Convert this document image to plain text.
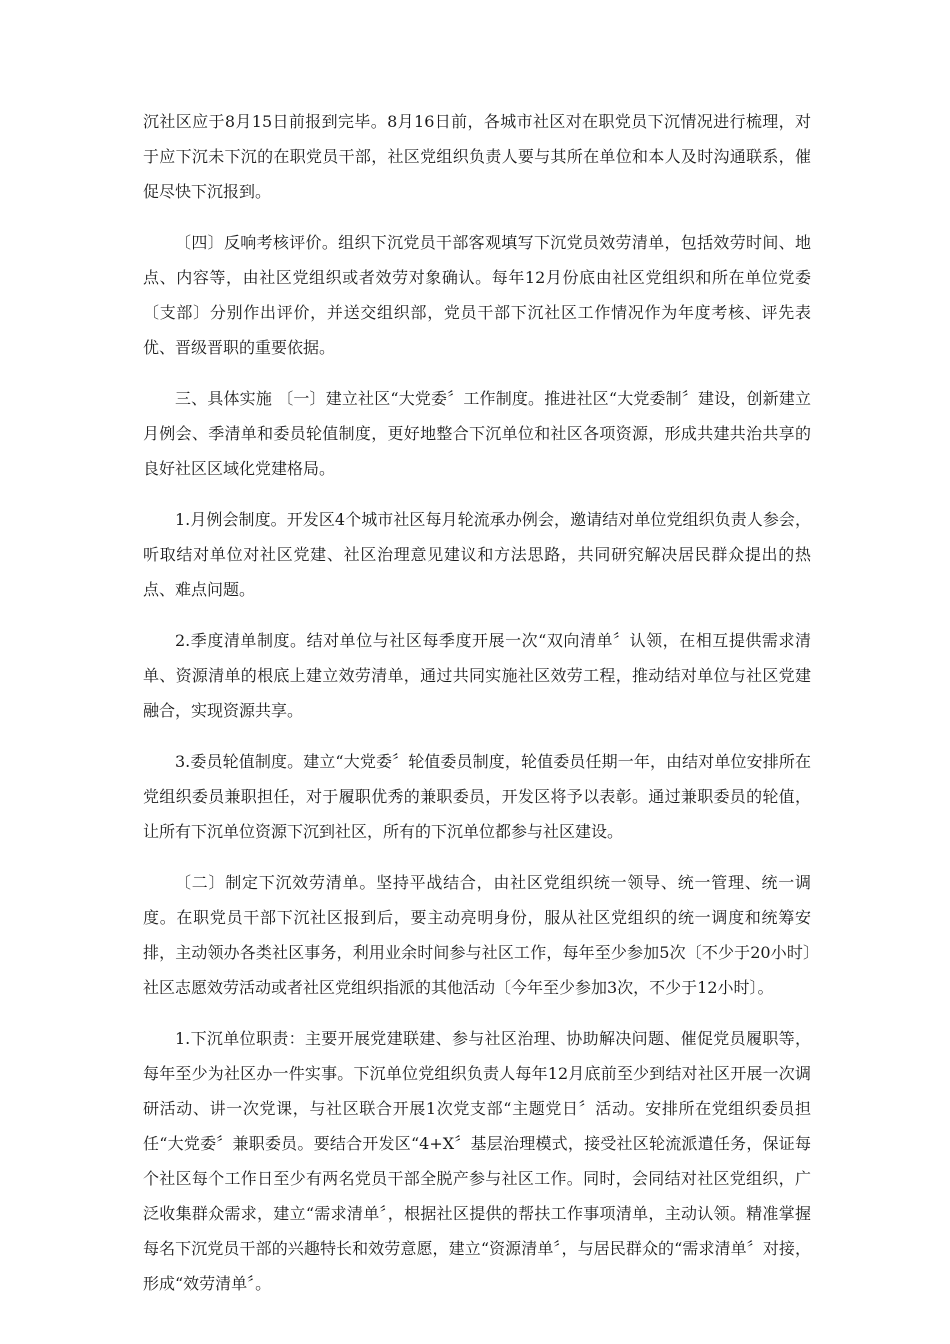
沉社区应于8月15日前报到完毕。8月16日前，各城市社区对在职党员下沉情况进行梳理，对于应下沉未下沉的在职党员干部，社区党组织负责人要与其所在单位和本人及时沟通联系，催促尽快下沉报到。

〔四〕反响考核评价。组织下沉党员干部客观填写下沉党员效劳清单，包括效劳时间、地点、内容等，由社区党组织或者效劳对象确认。每年12月份底由社区党组织和所在单位党委〔支部〕分别作出评价，并送交组织部，党员干部下沉社区工作情况作为年度考核、评先表优、晋级晋职的重要依据。

三、具体实施 〔一〕建立社区“大党委〞工作制度。推进社区“大党委制〞建设，创新建立月例会、季清单和委员轮值制度，更好地整合下沉单位和社区各项资源，形成共建共治共享的良好社区区域化党建格局。

1.月例会制度。开发区4个城市社区每月轮流承办例会，邀请结对单位党组织负责人参会，听取结对单位对社区党建、社区治理意见建议和方法思路，共同研究解决居民群众提出的热点、难点问题。

2.季度清单制度。结对单位与社区每季度开展一次“双向清单〞认领，在相互提供需求清单、资源清单的根底上建立效劳清单，通过共同实施社区效劳工程，推动结对单位与社区党建融合，实现资源共享。

3.委员轮值制度。建立“大党委〞轮值委员制度，轮值委员任期一年，由结对单位安排所在党组织委员兼职担任，对于履职优秀的兼职委员，开发区将予以表彰。通过兼职委员的轮值，让所有下沉单位资源下沉到社区，所有的下沉单位都参与社区建设。

〔二〕制定下沉效劳清单。坚持平战结合，由社区党组织统一领导、统一管理、统一调度。在职党员干部下沉社区报到后，要主动亮明身份，服从社区党组织的统一调度和统筹安排，主动领办各类社区事务，利用业余时间参与社区工作，每年至少参加5次〔不少于20小时〕社区志愿效劳活动或者社区党组织指派的其他活动〔今年至少参加3次，不少于12小时〕。

1.下沉单位职责：主要开展党建联建、参与社区治理、协助解决问题、催促党员履职等，每年至少为社区办一件实事。下沉单位党组织负责人每年12月底前至少到结对社区开展一次调研活动、讲一次党课，与社区联合开展1次党支部“主题党日〞活动。安排所在党组织委员担任“大党委〞兼职委员。要结合开发区“4+X〞基层治理模式，接受社区轮流派遣任务，保证每个社区每个工作日至少有两名党员干部全脱产参与社区工作。同时，会同结对社区党组织，广泛收集群众需求，建立“需求清单〞，根据社区提供的帮扶工作事项清单，主动认领。精准掌握每名下沉党员干部的兴趣特长和效劳意愿，建立“资源清单〞，与居民群众的“需求清单〞对接，形成“效劳清单〞。
